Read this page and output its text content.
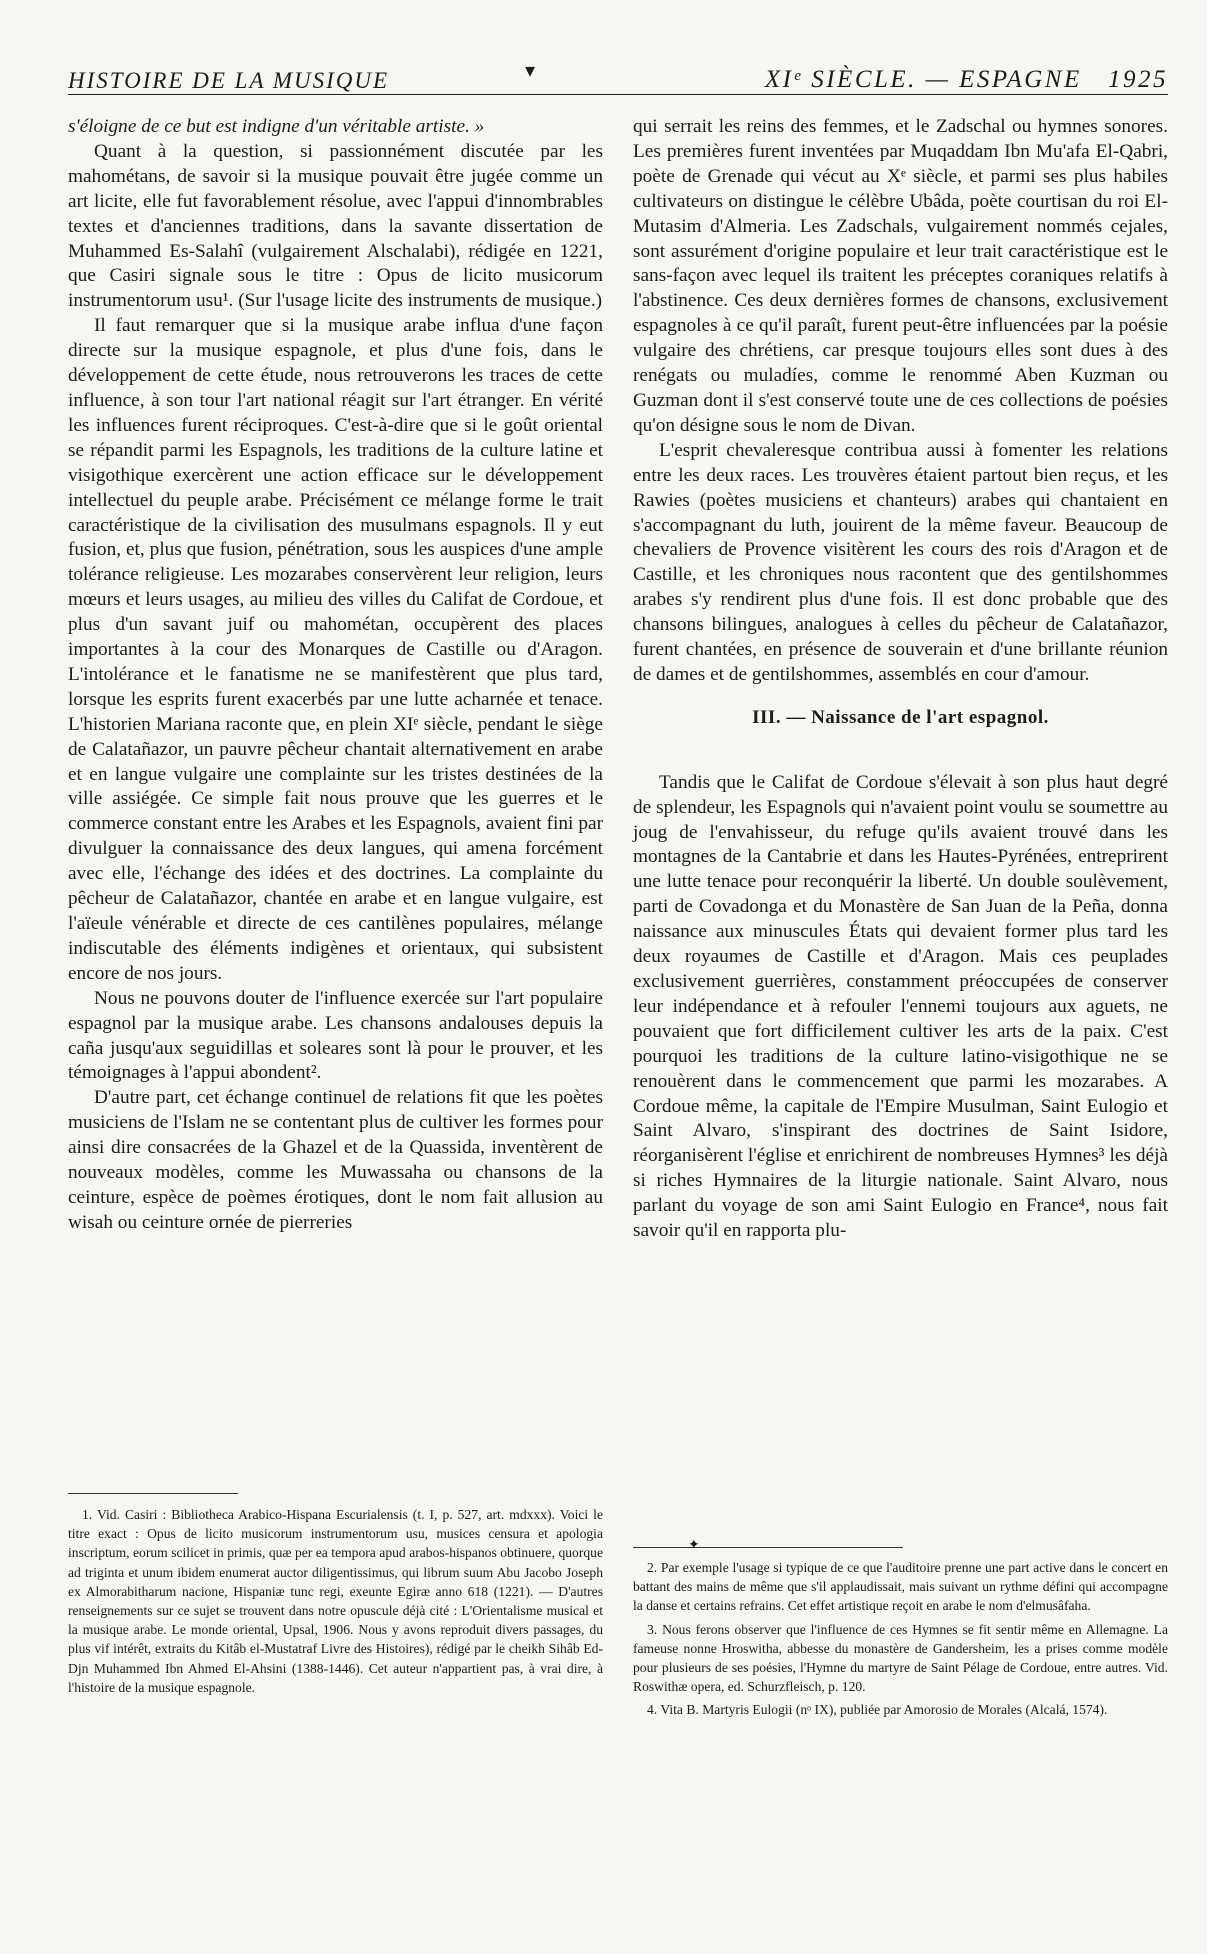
HISTOIRE DE LA MUSIQUE	▾	XIᵉ SIÈCLE. — ESPAGNE 1925

s'éloigne de ce but est indigne d'un véritable artiste. »

Quant à la question, si passionnément discutée par les mahométans, de savoir si la musique pouvait être jugée comme un art licite, elle fut favorablement résolue, avec l'appui d'innombrables textes et d'anciennes traditions, dans la savante dissertation de Muhammed Es-Salahî (vulgairement Alschalabi), rédigée en 1221, que Casiri signale sous le titre : Opus de licito musicorum instrumentorum usu¹. (Sur l'usage licite des instruments de musique.)

Il faut remarquer que si la musique arabe influa d'une façon directe sur la musique espagnole, et plus d'une fois, dans le développement de cette étude, nous retrouverons les traces de cette influence, à son tour l'art national réagit sur l'art étranger. En vérité les influences furent réciproques. C'est-à-dire que si le goût oriental se répandit parmi les Espagnols, les traditions de la culture latine et visigothique exercèrent une action efficace sur le développement intellectuel du peuple arabe. Précisément ce mélange forme le trait caractéristique de la civilisation des musulmans espagnols. Il y eut fusion, et, plus que fusion, pénétration, sous les auspices d'une ample tolérance religieuse. Les mozarabes conservèrent leur religion, leurs mœurs et leurs usages, au milieu des villes du Califat de Cordoue, et plus d'un savant juif ou mahométan, occupèrent des places importantes à la cour des Monarques de Castille ou d'Aragon. L'intolérance et le fanatisme ne se manifestèrent que plus tard, lorsque les esprits furent exacerbés par une lutte acharnée et tenace. L'historien Mariana raconte que, en plein XIᵉ siècle, pendant le siège de Calatañazor, un pauvre pêcheur chantait alternativement en arabe et en langue vulgaire une complainte sur les tristes destinées de la ville assiégée. Ce simple fait nous prouve que les guerres et le commerce constant entre les Arabes et les Espagnols, avaient fini par divulguer la connaissance des deux langues, qui amena forcément avec elle, l'échange des idées et des doctrines. La complainte du pêcheur de Calatañazor, chantée en arabe et en langue vulgaire, est l'aïeule vénérable et directe de ces cantilènes populaires, mélange indiscutable des éléments indigènes et orientaux, qui subsistent encore de nos jours.

Nous ne pouvons douter de l'influence exercée sur l'art populaire espagnol par la musique arabe. Les chansons andalouses depuis la caña jusqu'aux seguidillas et soleares sont là pour le prouver, et les témoignages à l'appui abondent².

D'autre part, cet échange continuel de relations fit que les poètes musiciens de l'Islam ne se contentant plus de cultiver les formes pour ainsi dire consacrées de la Ghazel et de la Quassida, inventèrent de nouveaux modèles, comme les Muwassaha ou chansons de la ceinture, espèce de poèmes érotiques, dont le nom fait allusion au wisah ou ceinture ornée de pierreries

qui serrait les reins des femmes, et le Zadschal ou hymnes sonores. Les premières furent inventées par Muqaddam Ibn Mu'afa El-Qabri, poète de Grenade qui vécut au Xᵉ siècle, et parmi ses plus habiles cultivateurs on distingue le célèbre Ubâda, poète courtisan du roi El-Mutasim d'Almeria. Les Zadschals, vulgairement nommés cejales, sont assurément d'origine populaire et leur trait caractéristique est le sans-façon avec lequel ils traitent les préceptes coraniques relatifs à l'abstinence. Ces deux dernières formes de chansons, exclusivement espagnoles à ce qu'il paraît, furent peut-être influencées par la poésie vulgaire des chrétiens, car presque toujours elles sont dues à des renégats ou muladíes, comme le renommé Aben Kuzman ou Guzman dont il s'est conservé toute une de ces collections de poésies qu'on désigne sous le nom de Divan.

L'esprit chevaleresque contribua aussi à fomenter les relations entre les deux races. Les trouvères étaient partout bien reçus, et les Rawies (poètes musiciens et chanteurs) arabes qui chantaient en s'accompagnant du luth, jouirent de la même faveur. Beaucoup de chevaliers de Provence visitèrent les cours des rois d'Aragon et de Castille, et les chroniques nous racontent que des gentilshommes arabes s'y rendirent plus d'une fois. Il est donc probable que des chansons bilingues, analogues à celles du pêcheur de Calatañazor, furent chantées, en présence de souverain et d'une brillante réunion de dames et de gentilshommes, assemblés en cour d'amour.

III. — Naissance de l'art espagnol.

Tandis que le Califat de Cordoue s'élevait à son plus haut degré de splendeur, les Espagnols qui n'avaient point voulu se soumettre au joug de l'envahisseur, du refuge qu'ils avaient trouvé dans les montagnes de la Cantabrie et dans les Hautes-Pyrénées, entreprirent une lutte tenace pour reconquérir la liberté. Un double soulèvement, parti de Covadonga et du Monastère de San Juan de la Peña, donna naissance aux minuscules États qui devaient former plus tard les deux royaumes de Castille et d'Aragon. Mais ces peuplades exclusivement guerrières, constamment préoccupées de conserver leur indépendance et à refouler l'ennemi toujours aux aguets, ne pouvaient que fort difficilement cultiver les arts de la paix. C'est pourquoi les traditions de la culture latino-visigothique ne se renouèrent dans le commencement que parmi les mozarabes. A Cordoue même, la capitale de l'Empire Musulman, Saint Eulogio et Saint Alvaro, s'inspirant des doctrines de Saint Isidore, réorganisèrent l'église et enrichirent de nombreuses Hymnes³ les déjà si riches Hymnaires de la liturgie nationale. Saint Alvaro, nous parlant du voyage de son ami Saint Eulogio en France⁴, nous fait savoir qu'il en rapporta plu-

1. Vid. Casiri : Bibliotheca Arabico-Hispana Escurialensis (t. I, p. 527, art. mdxxx). Voici le titre exact : Opus de licito musicorum instrumentorum usu, musices censura et apologia inscriptum, eorum scilicet in primis, quæ per ea tempora apud arabos-hispanos obtinuere, quorque ad triginta et unum ibidem enumerat auctor diligentissimus, qui librum suum Abu Jacobo Joseph ex Almorabitharum nacione, Hispaniæ tunc regi, exeunte Egiræ anno 618 (1221). — D'autres renseignements sur ce sujet se trouvent dans notre opuscule déjà cité : L'Orientalisme musical et la musique arabe. Le monde oriental, Upsal, 1906. Nous y avons reproduit divers passages, du plus vif intérêt, extraits du Kitâb el-Mustatraf Livre des Histoires), rédigé par le cheikh Sihâb Ed-Djn Muhammed Ibn Ahmed El-Ahsini (1388-1446). Cet auteur n'appartient pas, à vrai dire, à l'histoire de la musique espagnole.

✦

2. Par exemple l'usage si typique de ce que l'auditoire prenne une part active dans le concert en battant des mains de même que s'il applaudissait, mais suivant un rythme défini qui accompagne la danse et certains refrains. Cet effet artistique reçoit en arabe le nom d'elmusâfaha.

3. Nous ferons observer que l'influence de ces Hymnes se fit sentir même en Allemagne. La fameuse nonne Hroswitha, abbesse du monastère de Gandersheim, les a prises comme modèle pour plusieurs de ses poésies, l'Hymne du martyre de Saint Pélage de Cordoue, entre autres. Vid. Roswithæ opera, ed. Schurzfleisch, p. 120.

4. Vita B. Martyris Eulogii (nᵒ IX), publiée par Amorosio de Morales (Alcalá, 1574).
